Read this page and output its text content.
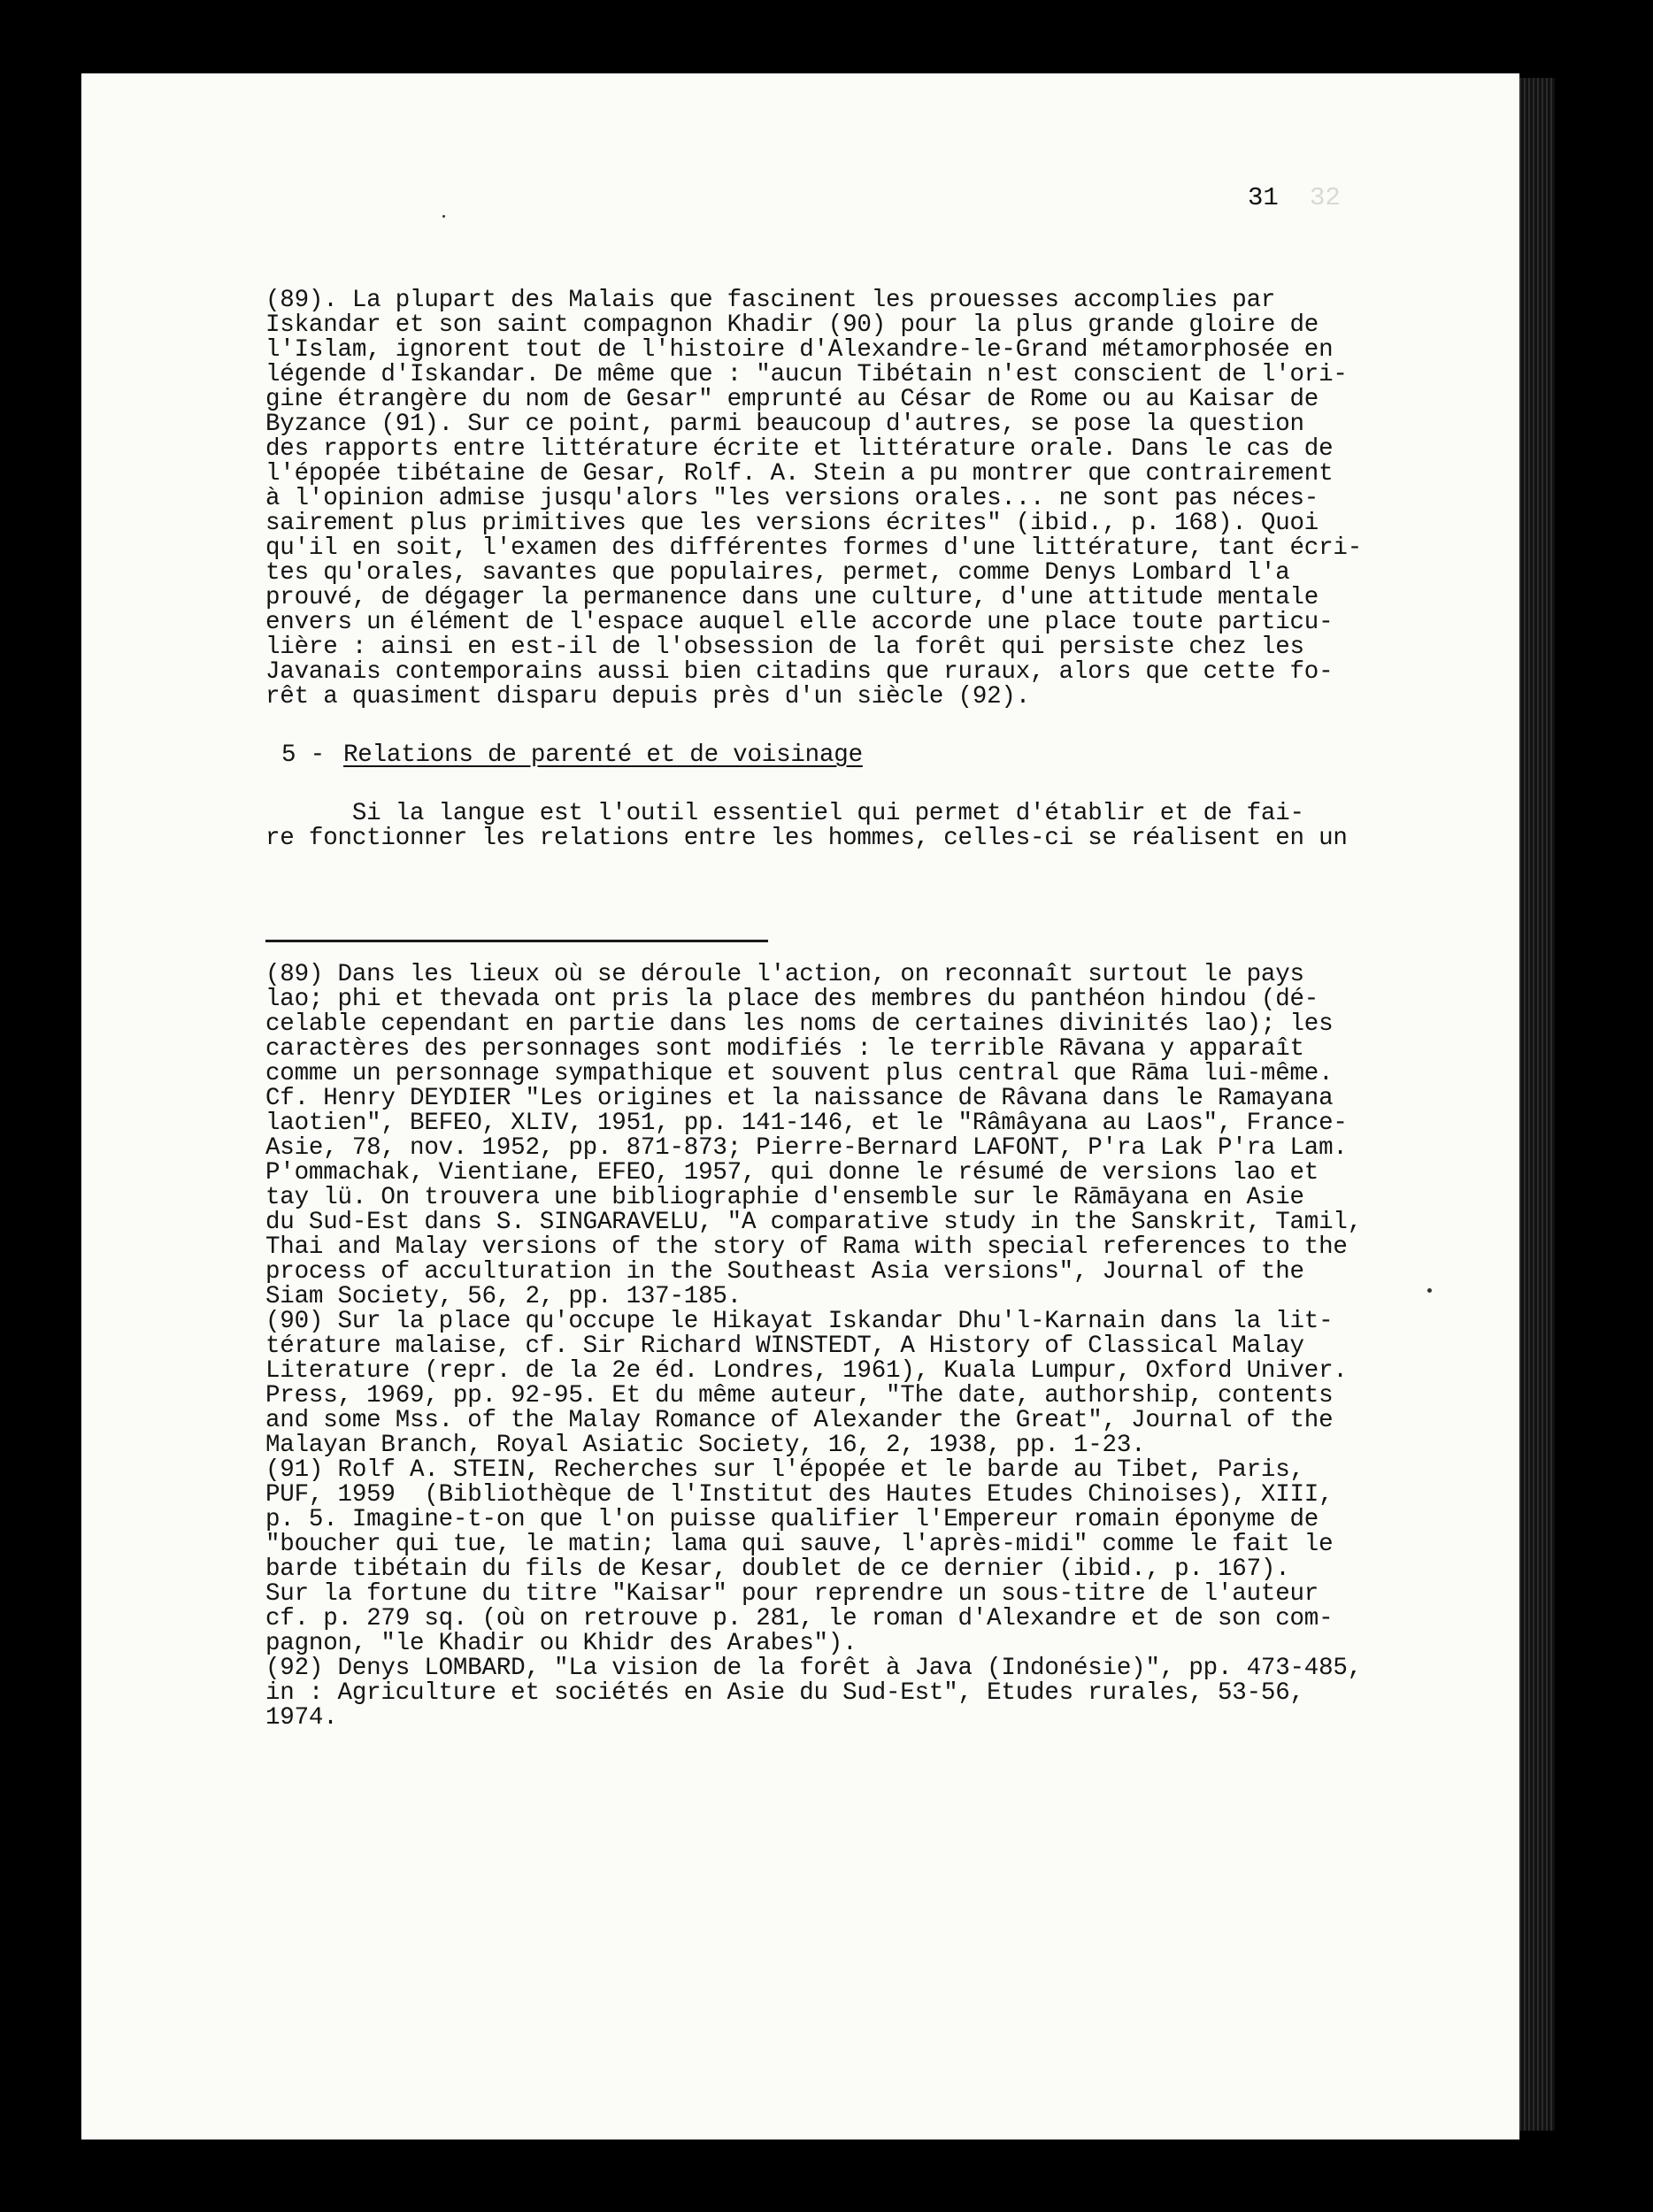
32
31
(89). La plupart des Malais que fascinent les prouesses accomplies par
Iskandar et son saint compagnon Khadir (90) pour la plus grande gloire de
l'Islam, ignorent tout de l'histoire d'Alexandre-le-Grand métamorphosée en
légende d'Iskandar. De même que : "aucun Tibétain n'est conscient de l'ori-
gine étrangère du nom de Gesar" emprunté au César de Rome ou au Kaisar de
Byzance (91). Sur ce point, parmi beaucoup d'autres, se pose la question
des rapports entre littérature écrite et littérature orale. Dans le cas de
l'épopée tibétaine de Gesar, Rolf. A. Stein a pu montrer que contrairement
à l'opinion admise jusqu'alors "les versions orales... ne sont pas néces-
sairement plus primitives que les versions écrites" (ibid., p. 168). Quoi
qu'il en soit, l'examen des différentes formes d'une littérature, tant écri-
tes qu'orales, savantes que populaires, permet, comme Denys Lombard l'a
prouvé, de dégager la permanence dans une culture, d'une attitude mentale
envers un élément de l'espace auquel elle accorde une place toute particu-
lière : ainsi en est-il de l'obsession de la forêt qui persiste chez les
Javanais contemporains aussi bien citadins que ruraux, alors que cette fo-
rêt a quasiment disparu depuis près d'un siècle (92).
5 - Relations de parenté et de voisinage
Si la langue est l'outil essentiel qui permet d'établir et de fai-
re fonctionner les relations entre les hommes, celles-ci se réalisent en un
(89) Dans les lieux où se déroule l'action, on reconnaît surtout le pays
lao; phi et thevada ont pris la place des membres du panthéon hindou (dé-
celable cependant en partie dans les noms de certaines divinités lao); les
caractères des personnages sont modifiés : le terrible Rāvana y apparaît
comme un personnage sympathique et souvent plus central que Rāma lui-même.
Cf. Henry DEYDIER "Les origines et la naissance de Râvana dans le Ramayana
laotien", BEFEO, XLIV, 1951, pp. 141-146, et le "Râmâyana au Laos", France-
Asie, 78, nov. 1952, pp. 871-873; Pierre-Bernard LAFONT, P'ra Lak P'ra Lam.
P'ommachak, Vientiane, EFEO, 1957, qui donne le résumé de versions lao et
tay lü. On trouvera une bibliographie d'ensemble sur le Rāmāyana en Asie
du Sud-Est dans S. SINGARAVELU, "A comparative study in the Sanskrit, Tamil,
Thai and Malay versions of the story of Rama with special references to the
process of acculturation in the Southeast Asia versions", Journal of the
Siam Society, 56, 2, pp. 137-185.
(90) Sur la place qu'occupe le Hikayat Iskandar Dhu'l-Karnain dans la lit-
térature malaise, cf. Sir Richard WINSTEDT, A History of Classical Malay
Literature (repr. de la 2e éd. Londres, 1961), Kuala Lumpur, Oxford Univer.
Press, 1969, pp. 92-95. Et du même auteur, "The date, authorship, contents
and some Mss. of the Malay Romance of Alexander the Great", Journal of the
Malayan Branch, Royal Asiatic Society, 16, 2, 1938, pp. 1-23.
(91) Rolf A. STEIN, Recherches sur l'épopée et le barde au Tibet, Paris,
PUF, 1959  (Bibliothèque de l'Institut des Hautes Etudes Chinoises), XIII,
p. 5. Imagine-t-on que l'on puisse qualifier l'Empereur romain éponyme de
"boucher qui tue, le matin; lama qui sauve, l'après-midi" comme le fait le
barde tibétain du fils de Kesar, doublet de ce dernier (ibid., p. 167).
Sur la fortune du titre "Kaisar" pour reprendre un sous-titre de l'auteur
cf. p. 279 sq. (où on retrouve p. 281, le roman d'Alexandre et de son com-
pagnon, "le Khadir ou Khidr des Arabes").
(92) Denys LOMBARD, "La vision de la forêt à Java (Indonésie)", pp. 473-485,
in : Agriculture et sociétés en Asie du Sud-Est", Etudes rurales, 53-56,
1974.
